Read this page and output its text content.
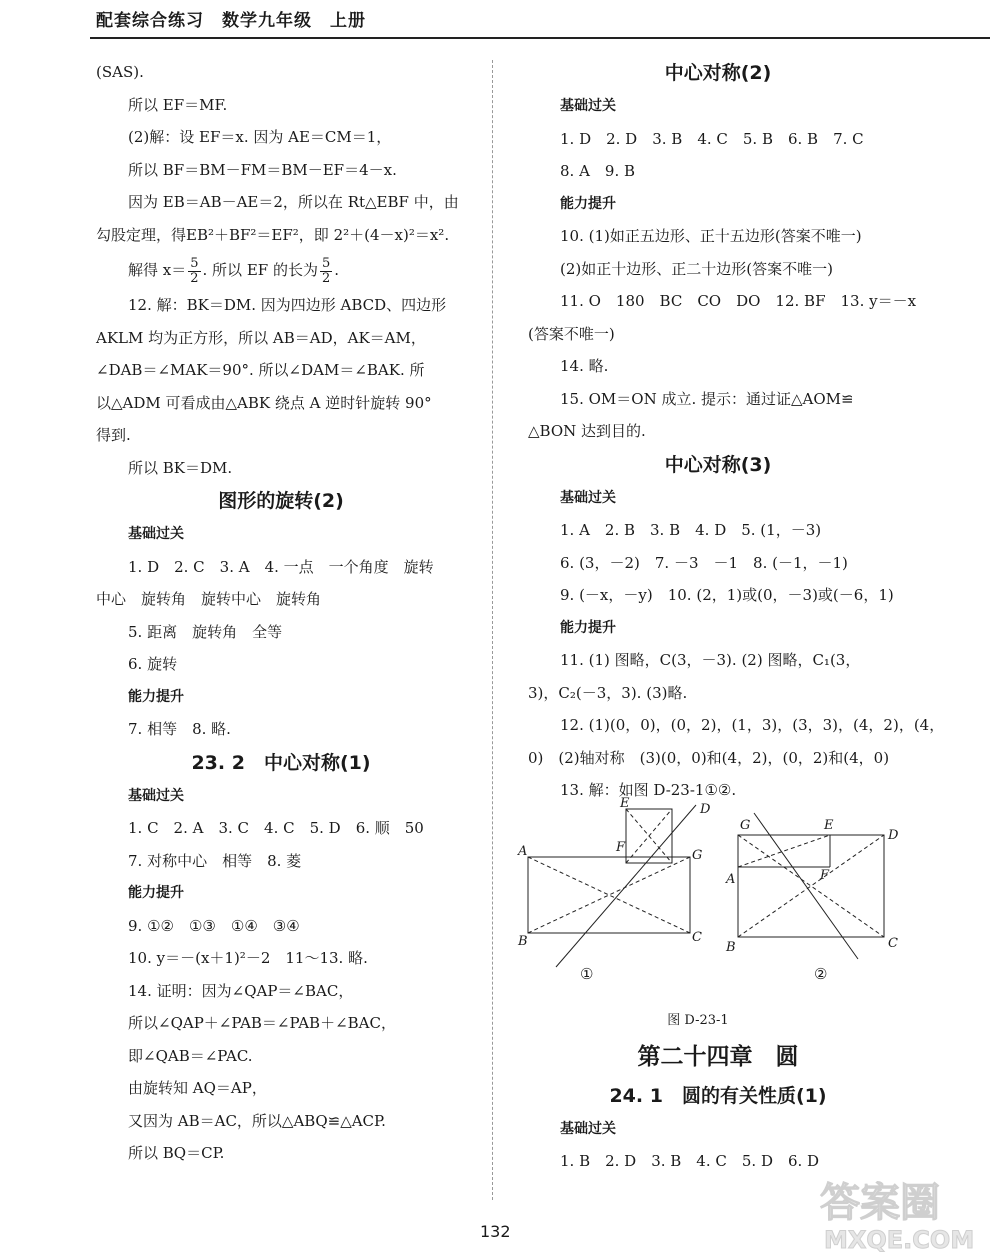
配套综合练习　数学九年级　上册
(SAS).
所以 EF＝MF.
(2)解：设 EF＝x. 因为 AE＝CM＝1，
所以 BF＝BM－FM＝BM－EF＝4－x.
因为 EB＝AB－AE＝2，所以在 Rt△EBF 中，由
勾股定理，得EB²＋BF²＝EF²，即 2²＋(4－x)²＝x².
解得 $x= \frac{5}{2}$ . 所以 EF 的长为 $\frac{5}{2}$ .
12. 解：BK＝DM. 因为四边形 ABCD、四边形
AKLM 均为正方形，所以 AB＝AD，AK＝AM，
∠DAB＝∠MAK＝90°. 所以∠DAM＝∠BAK. 所
以△ADM 可看成由△ABK 绕点 A 逆时针旋转 90°
得到.
所以 BK＝DM.
图形的旋转(2)
基础过关
1. D　2. C　3. A　4. 一点　一个角度　旋转
中心　旋转角　旋转中心　旋转角
5. 距离　旋转角　全等
6. 旋转
能力提升
7. 相等　8. 略.
23. 2　中心对称(1)
基础过关
1. C　2. A　3. C　4. C　5. D　6. 顺　50
7. 对称中心　相等　8. 菱
能力提升
9. ①②　①③　①④　③④
10. y＝－(x＋1)²－2　11～13. 略.
14. 证明：因为∠QAP＝∠BAC，
所以∠QAP＋∠PAB＝∠PAB＋∠BAC，
即∠QAB＝∠PAC.
由旋转知 AQ＝AP，
又因为 AB＝AC，所以△ABQ≌△ACP.
所以 BQ＝CP.
中心对称(2)
基础过关
1. D　2. D　3. B　4. C　5. B　6. B　7. C
8. A　9. B
能力提升
10. (1)如正五边形、正十五边形(答案不唯一)
(2)如正十边形、正二十边形(答案不唯一)
11. O　180　BC　CO　DO　12. BF　13. y＝－x
(答案不唯一)
14. 略.
15. OM＝ON 成立. 提示：通过证△AOM≌
△BON 达到目的.
中心对称(3)
基础过关
1. A　2. B　3. B　4. D　5. (1，－3)
6. (3，－2)　7. －3　－1　8. (－1，－1)
9. (－x，－y)　10. (2，1)或(0，－3)或(－6，1)
能力提升
11. (1) 图略，C(3，－3). (2) 图略，C₁(3，
3)，C₂(－3，3). (3)略.
12. (1)(0，0)，(0，2)，(1，3)，(3，3)，(4，2)，(4，
0)　(2)轴对称　(3)(0，0)和(4，2)，(0，2)和(4，0)
13. 解：如图 D-23-1①②.
E	D
F
G
A
B	C
①
G	E
D
F
A
B	C
②
图 D-23-1
第二十四章　圆
24. 1　圆的有关性质(1)
基础过关
1. B　2. D　3. B　4. C　5. D　6. D
132
答案圈
MXQE.COM
